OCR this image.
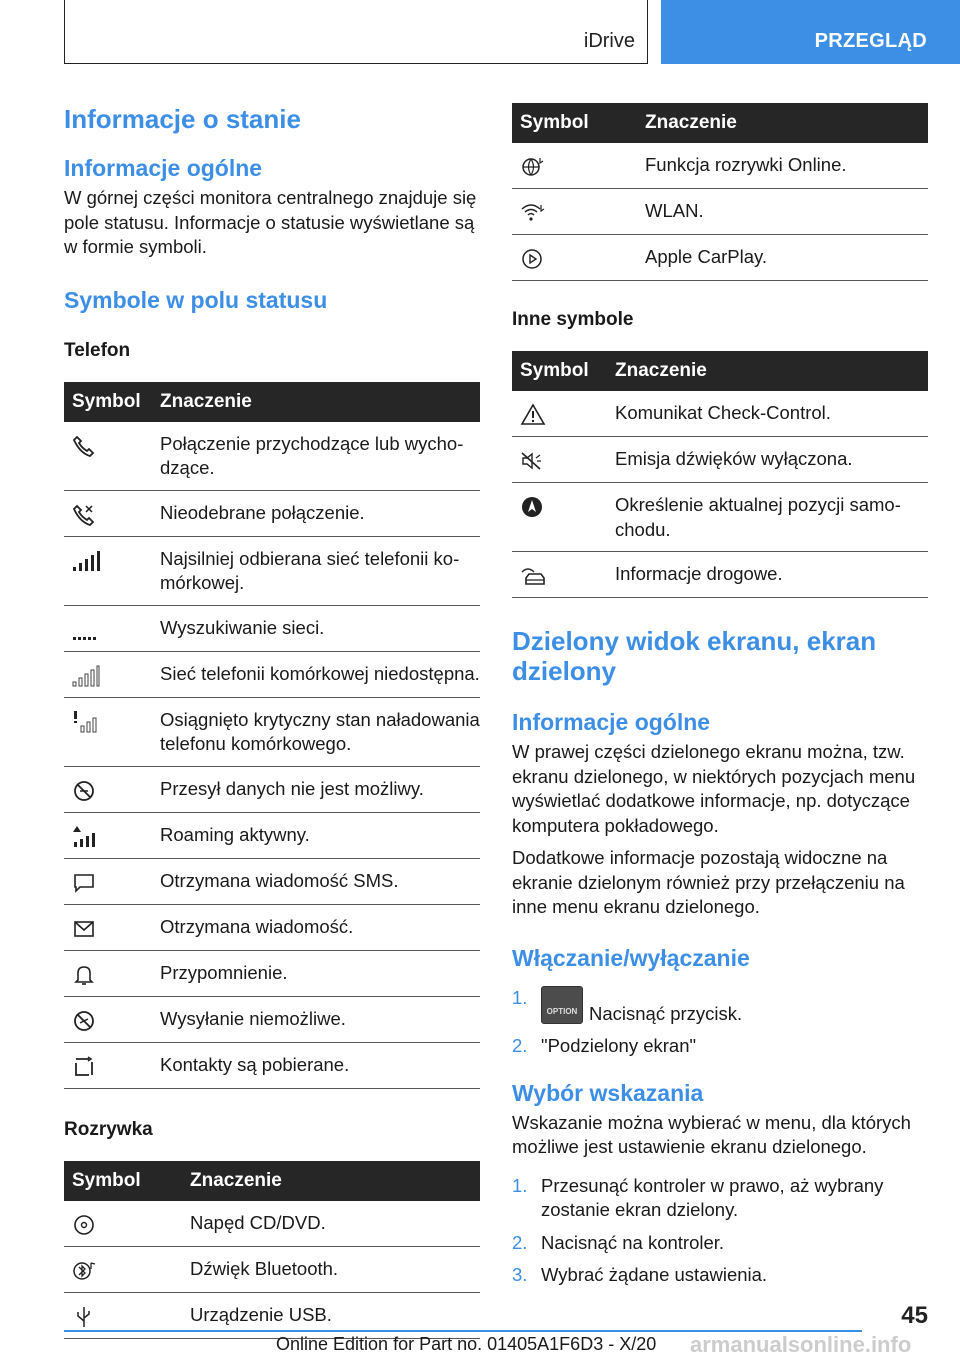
iDrive	PRZEGLĄD
Informacje o stanie
Informacje ogólne

W górnej części monitora centralnego znajduje się pole statusu. Informacje o statusie wyświetlane są w formie symboli.

Symbole w polu statusu
Telefon
Symbol	Znaczenie

	Połączenie przychodzące lub wychodzące.

	Nieodebrane połączenie.

	Najsilniej odbierana sieć telefonii komórkowej.

	Wyszukiwanie sieci.

	Sieć telefonii komórkowej niedostępna.

	Osiągnięto krytyczny stan naładowania telefonu komórkowego.

	Przesył danych nie jest możliwy.

	Roaming aktywny.

	Otrzymana wiadomość SMS.

	Otrzymana wiadomość.

	Przypomnienie.

	Wysyłanie niemożliwe.

	Kontakty są pobierane.
Rozrywka
Symbol	Znaczenie

	Napęd CD/DVD.

	Dźwięk Bluetooth.

	Urządzenie USB.
Symbol	Znaczenie

	Funkcja rozrywki Online.

	WLAN.

	Apple CarPlay.
Inne symbole
Symbol	Znaczenie

	Komunikat Check-Control.

	Emisja dźwięków wyłączona.

	Określenie aktualnej pozycji samochodu.

	Informacje drogowe.
Dzielony widok ekranu, ekran dzielony
Informacje ogólne

W prawej części dzielonego ekranu można, tzw. ekranu dzielonego, w niektórych pozycjach menu wyświetlać dodatkowe informacje, np. dotyczące komputera pokładowego.

Dodatkowe informacje pozostają widoczne na ekranie dzielonym również przy przełączeniu na inne menu ekranu dzielonego.

Włączanie/wyłączanie
1.
OPTION Nacisnąć przycisk.
2. "Podzielony ekran"
Wybór wskazania

Wskazanie można wybierać w menu, dla których możliwe jest ustawienie ekranu dzielonego.

1. Przesunąć kontroler w prawo, aż wybrany zostanie ekran dzielony.
2. Nacisnąć na kontroler.
3. Wybrać żądane ustawienia.
45
Online Edition for Part no. 01405A1F6D3 - X/20 armanualsonline.info
